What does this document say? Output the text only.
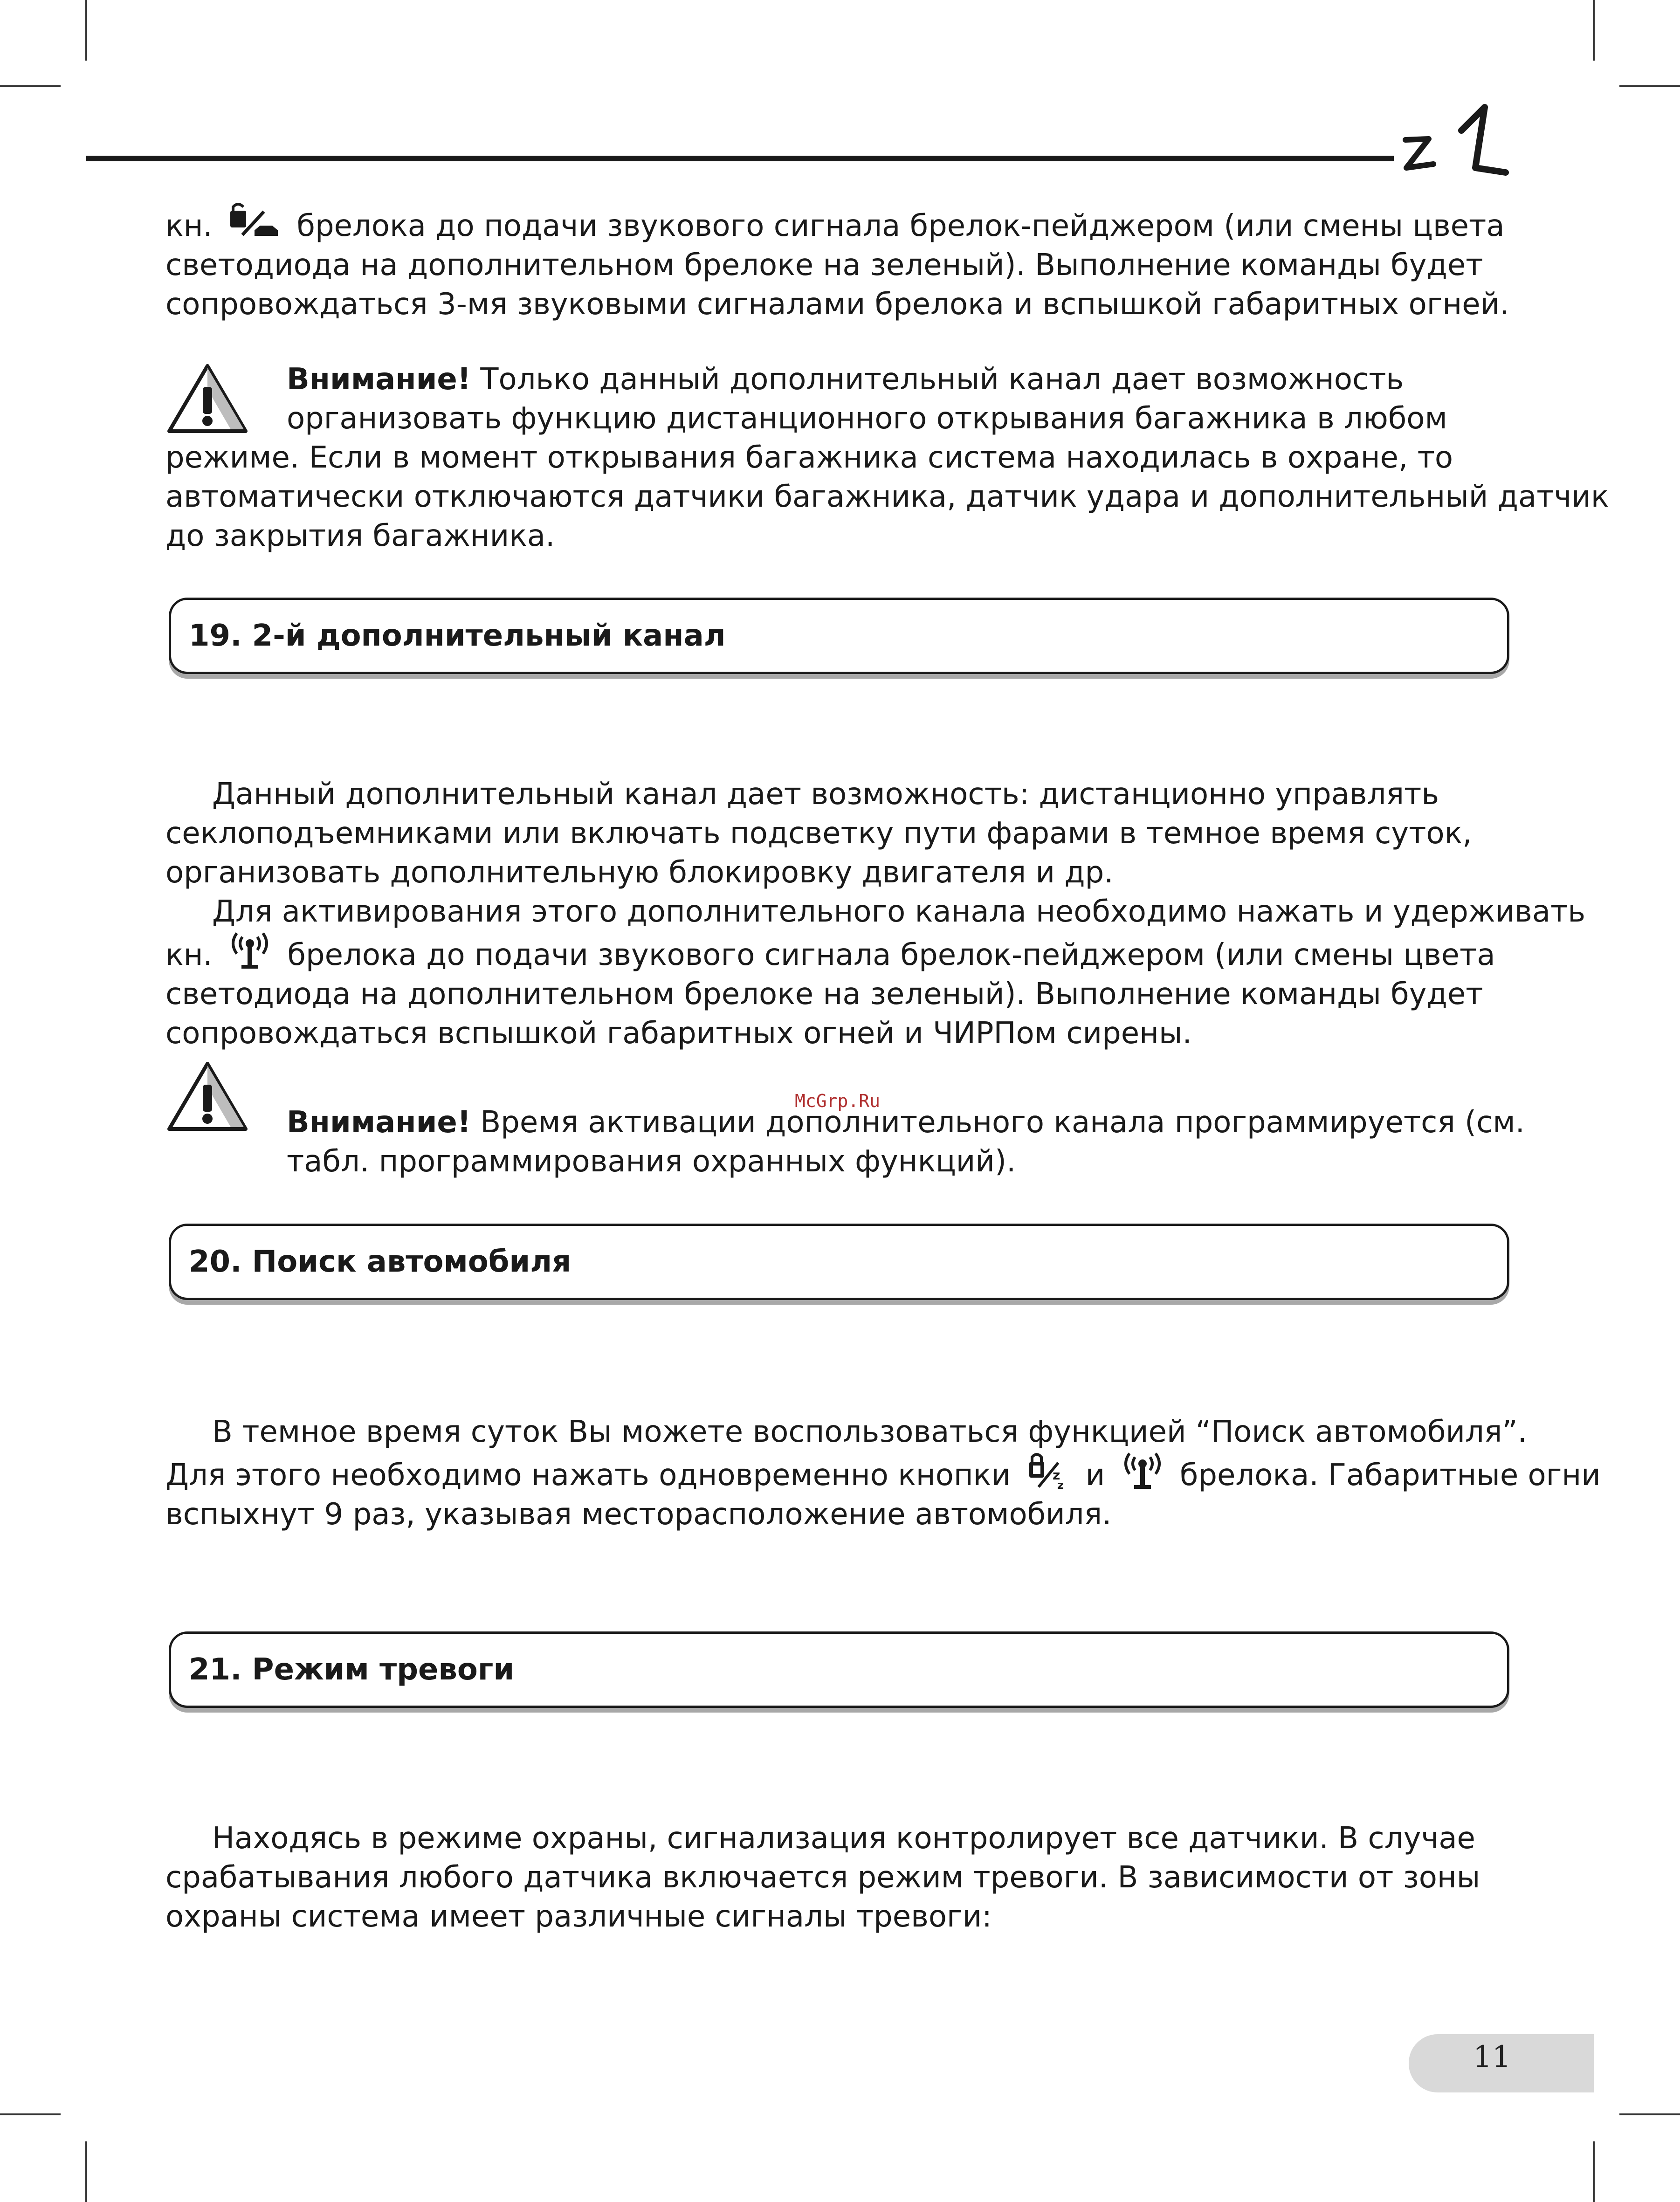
кн.	брелока до подачи звукового сигнала брелок-пейджером (или смены цвета
светодиода на дополнительном брелоке на зеленый). Выполнение команды будет
сопровождаться 3-мя звуковыми сигналами брелока и вспышкой габаритных огней.
Внимание! Только данный дополнительный канал дает возможность
организовать функцию дистанционного открывания багажника в любом
режиме. Если в момент открывания багажника система находилась в охране, то
автоматически отключаются датчики багажника, датчик удара и дополнительный датчик
до закрытия багажника.
19. 2-й дополнительный канал
Данный дополнительный канал дает возможность: дистанционно управлять
секлоподъемниками или включать подсветку пути фарами в темное время суток,
организовать дополнительную блокировку двигателя и др.
Для активирования этого дополнительного канала необходимо нажать и удерживать
кн.	брелока до подачи звукового сигнала брелок-пейджером (или смены цвета
светодиода на дополнительном брелоке на зеленый). Выполнение команды будет
сопровождаться вспышкой габаритных огней и ЧИРПом сирены.
McGrp.Ru
Внимание! Время активации дополнительного канала программируется (см.
табл. программирования охранных функций).
20. Поиск автомобиля
В темное время суток Вы можете воспользоваться функцией “Поиск автомобиля”.
Для этого необходимо нажать одновременно кнопки	z
z и	брелока. Габаритные огни
вспыхнут 9 раз, указывая месторасположение автомобиля.
21. Режим тревоги
Находясь в режиме охраны, сигнализация контролирует все датчики. В случае
срабатывания любого датчика включается режим тревоги. В зависимости от зоны
охраны система имеет различные сигналы тревоги:
11
